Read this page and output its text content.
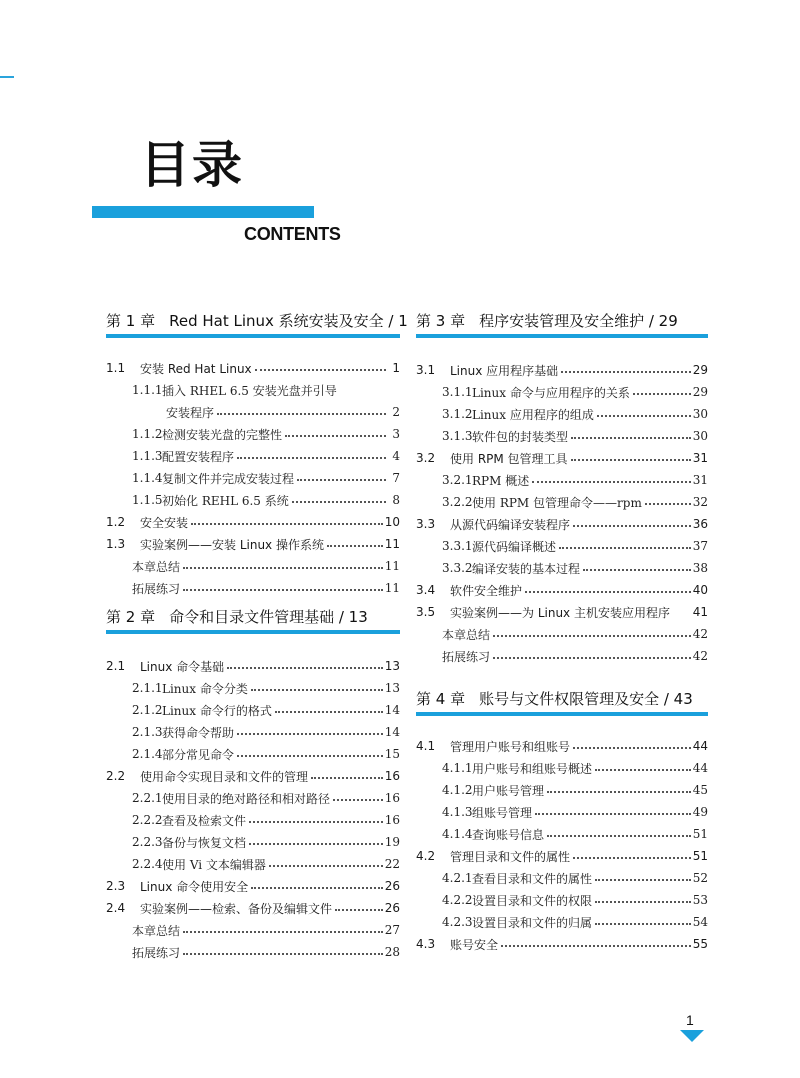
目录
CONTENTS
第 1 章 Red Hat Linux 系统安装及安全 / 1
1.1	安装 Red Hat Linux	1
1.1.1 插入 RHEL 6.5 安装光盘并引导
安装程序	2
1.1.2 检测安装光盘的完整性	3
1.1.3 配置安装程序	4
1.1.4 复制文件并完成安装过程	7
1.1.5 初始化 REHL 6.5 系统	8
1.2	安全安装	10
1.3	实验案例——安装 Linux 操作系统	11
本章总结	11
拓展练习	11
第 2 章 命令和目录文件管理基础 / 13
2.1	Linux 命令基础	13
2.1.1 Linux 命令分类	13
2.1.2 Linux 命令行的格式	14
2.1.3 获得命令帮助	14
2.1.4 部分常见命令	15
2.2	使用命令实现目录和文件的管理	16
2.2.1 使用目录的绝对路径和相对路径	16
2.2.2 查看及检索文件	16
2.2.3 备份与恢复文档	19
2.2.4 使用 Vi 文本编辑器	22
2.3	Linux 命令使用安全	26
2.4	实验案例——检索、备份及编辑文件	26
本章总结	27
拓展练习	28
第 3 章 程序安装管理及安全维护 / 29
3.1	Linux 应用程序基础	29
3.1.1 Linux 命令与应用程序的关系	29
3.1.2 Linux 应用程序的组成	30
3.1.3 软件包的封装类型	30
3.2	使用 RPM 包管理工具	31
3.2.1 RPM 概述	31
3.2.2 使用 RPM 包管理命令——rpm	32
3.3	从源代码编译安装程序	36
3.3.1 源代码编译概述	37
3.3.2 编译安装的基本过程	38
3.4	软件安全维护	40
3.5	实验案例——为 Linux 主机安装应用程序 41
本章总结	42
拓展练习	42
第 4 章 账号与文件权限管理及安全 / 43
4.1	管理用户账号和组账号	44
4.1.1 用户账号和组账号概述	44
4.1.2 用户账号管理	45
4.1.3 组账号管理	49
4.1.4 查询账号信息	51
4.2	管理目录和文件的属性	51
4.2.1 查看目录和文件的属性	52
4.2.2 设置目录和文件的权限	53
4.2.3 设置目录和文件的归属	54
4.3	账号安全	55
1
